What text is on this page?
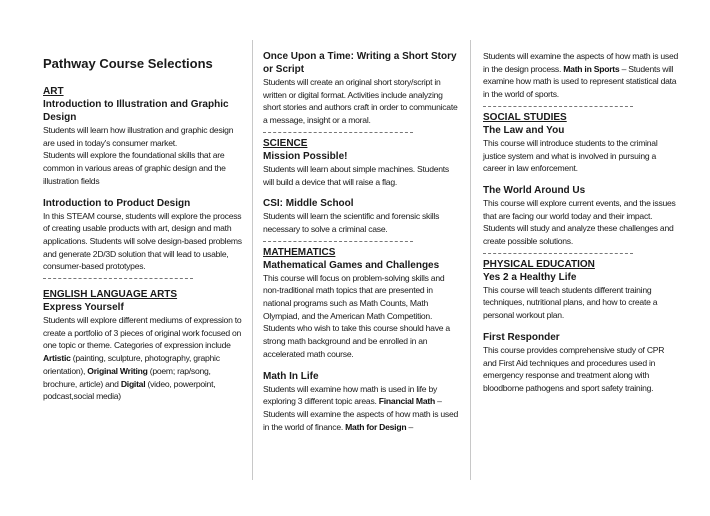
Pathway Course Selections

ART

Introduction to Illustration and Graphic Design

Students will learn how illustration and graphic design are used in today's consumer market.

Students will explore the foundational skills that are common in various areas of graphic design and the illustration fields

Introduction to Product Design

In this STEAM course, students will explore the process of creating usable products with art, design and math applications. Students will solve design-based problems and generate 2D/3D solution that will lead to usable, consumer-based prototypes.

ENGLISH LANGUAGE ARTS

Express Yourself

Students will explore different mediums of expression to create a portfolio of 3 pieces of original work focused on one topic or theme. Categories of expression include Artistic (painting, sculpture, photography, graphic orientation), Original Writing (poem; rap/song, brochure, article) and Digital (video, powerpoint, podcast,social media)

Once Upon a Time: Writing a Short Story or Script

Students will create an original short story/script in written or digital format. Activities include analyzing short stories and authors craft in order to communicate a message, insight or a moral.

SCIENCE

Mission Possible!

Students will learn about simple machines. Students will build a device that will raise a flag.

CSI: Middle School

Students will learn the scientific and forensic skills necessary to solve a criminal case.

MATHEMATICS

Mathematical Games and Challenges

This course will focus on problem-solving skills and non-traditional math topics that are presented in national programs such as Math Counts, Math Olympiad, and the American Math Competition. Students who wish to take this course should have a strong math background and be enrolled in an accelerated math course.

Math In Life

Students will examine how math is used in life by exploring 3 different topic areas. Financial Math – Students will examine the aspects of how math is used in the world of finance. Math for Design –

Students will examine the aspects of how math is used in the design process. Math in Sports – Students will examine how math is used to represent statistical data in the world of sports.

SOCIAL STUDIES

The Law and You

This course will introduce students to the criminal justice system and what is involved in pursuing a career in law enforcement.

The World Around Us

This course will explore current events, and the issues that are facing our world today and their impact. Students will study and analyze these challenges and create possible solutions.

PHYSICAL EDUCATION

Yes 2 a Healthy Life

This course will teach students different training techniques, nutritional plans, and how to create a personal workout plan.

First Responder

This course provides comprehensive study of CPR and First Aid techniques and procedures used in emergency response and treatment along with bloodborne pathogens and sport safety training.
